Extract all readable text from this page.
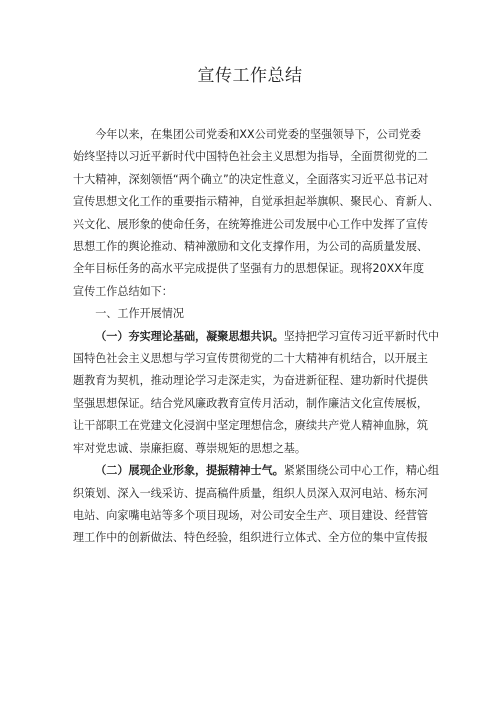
宣传工作总结

今年以来，在集团公司党委和XX公司党委的坚强领导下，公司党委
始终坚持以习近平新时代中国特色社会主义思想为指导，全面贯彻党的二
十大精神，深刻领悟“两个确立”的决定性意义，全面落实习近平总书记对
宣传思想文化工作的重要指示精神，自觉承担起举旗帜、聚民心、育新人、
兴文化、展形象的使命任务，在统筹推进公司发展中心工作中发挥了宣传
思想工作的舆论推动、精神激励和文化支撑作用，为公司的高质量发展、
全年目标任务的高水平完成提供了坚强有力的思想保证。现将20XX年度
宣传工作总结如下：

一、工作开展情况

（一）夯实理论基础，凝聚思想共识。坚持把学习宣传习近平新时代中
国特色社会主义思想与学习宣传贯彻党的二十大精神有机结合，以开展主
题教育为契机，推动理论学习走深走实，为奋进新征程、建功新时代提供
坚强思想保证。结合党风廉政教育宣传月活动，制作廉洁文化宣传展板，
让干部职工在党建文化浸润中坚定理想信念，赓续共产党人精神血脉，筑
牢对党忠诚、崇廉拒腐、尊崇规矩的思想之基。

（二）展现企业形象，提振精神士气。紧紧围绕公司中心工作，精心组
织策划、深入一线采访、提高稿件质量，组织人员深入双河电站、杨东河
电站、向家嘴电站等多个项目现场，对公司安全生产、项目建设、经营管
理工作中的创新做法、特色经验，组织进行立体式、全方位的集中宣传报
